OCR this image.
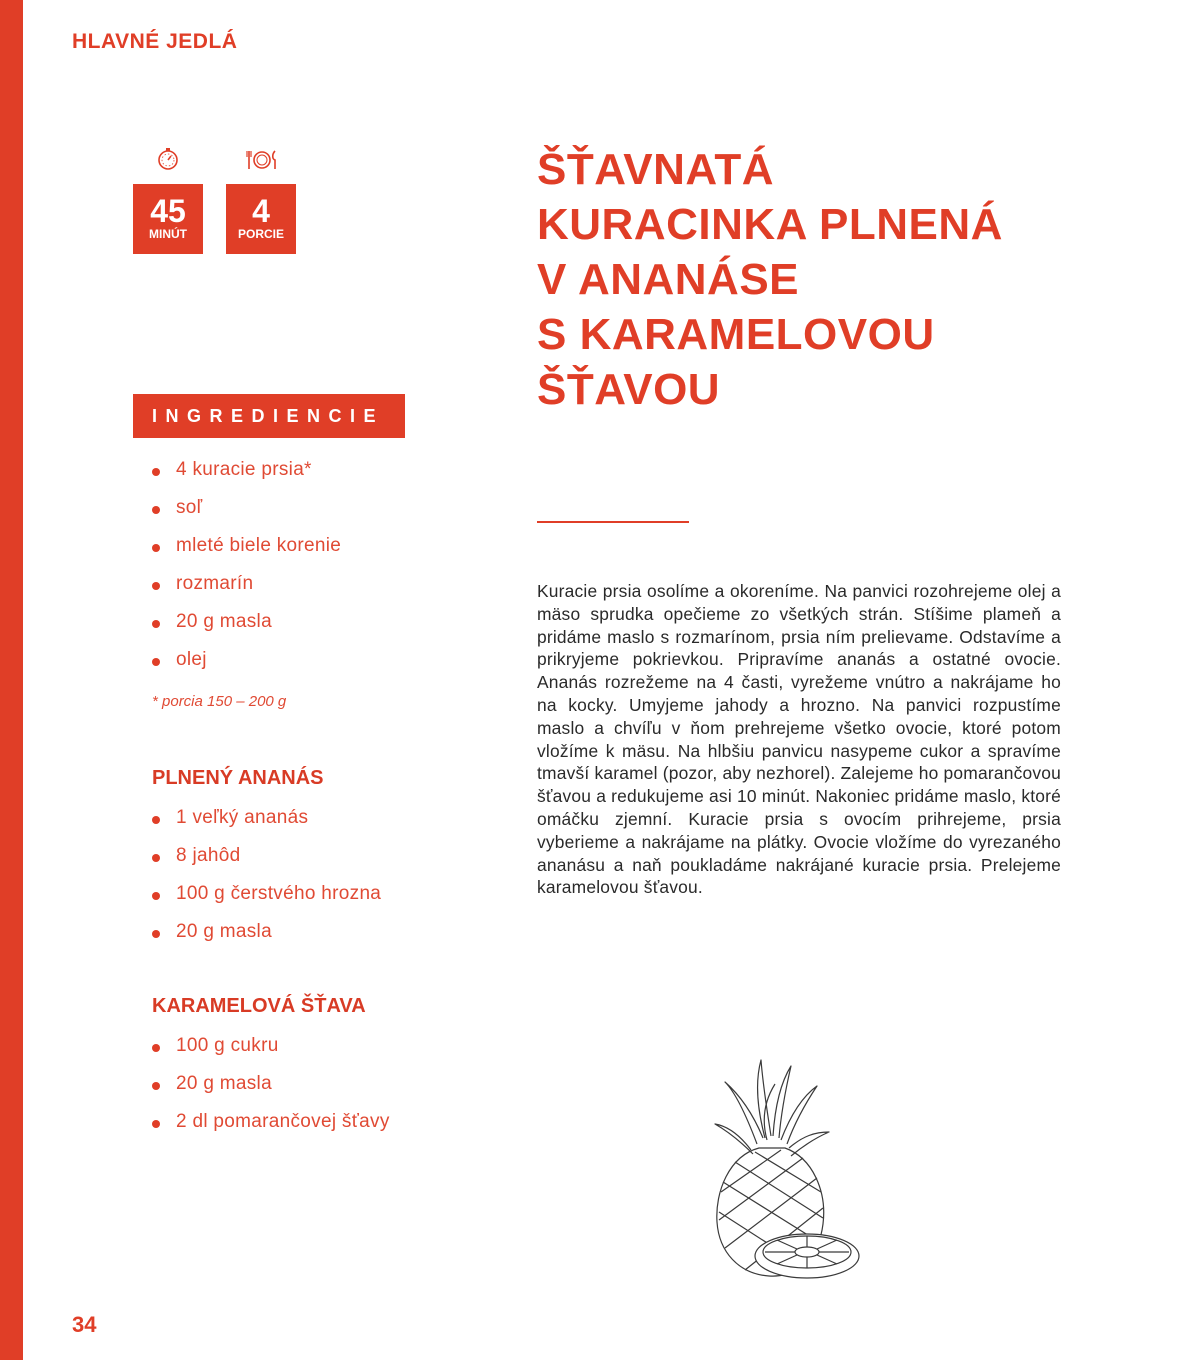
HLAVNÉ JEDLÁ
45
MINÚT
4
PORCIE
INGREDIENCIE
4 kuracie prsia*
soľ
mleté biele korenie
rozmarín
20 g masla
olej
* porcia 150 – 200 g
PLNENÝ ANANÁS
1 veľký ananás
8 jahôd
100 g čerstvého hrozna
20 g masla
KARAMELOVÁ ŠŤAVA
100 g cukru
20 g masla
2 dl pomarančovej šťavy
ŠŤAVNATÁ
KURACINKA PLNENÁ
V ANANÁSE
S KARAMELOVOU
ŠŤAVOU

Kuracie prsia osolíme a okoreníme. Na panvici rozohrejeme olej a mäso sprudka opečieme zo všetkých strán. Stíšime plameň a pridáme maslo s rozmarínom, prsia ním prelievame. Odstavíme a prikryjeme pokrievkou. Pripravíme ananás a ostatné ovocie. Ananás rozrežeme na 4 časti, vyrežeme vnútro a nakrájame ho na kocky. Umyjeme jahody a hrozno. Na panvici rozpustíme maslo a chvíľu v ňom prehrejeme všetko ovocie, ktoré potom vložíme k mäsu. Na hlbšiu panvicu nasypeme cukor a spravíme tmavší karamel (pozor, aby nezhorel). Zalejeme ho pomarančovou šťavou a redukujeme asi 10 minút. Nakoniec pridáme maslo, ktoré omáčku zjemní. Kuracie prsia s ovocím prihrejeme, prsia vyberieme a nakrájame na plátky. Ovocie vložíme do vyrezaného ananásu a naň poukladáme nakrájané kuracie prsia. Prelejeme karamelovou šťavou.

34
